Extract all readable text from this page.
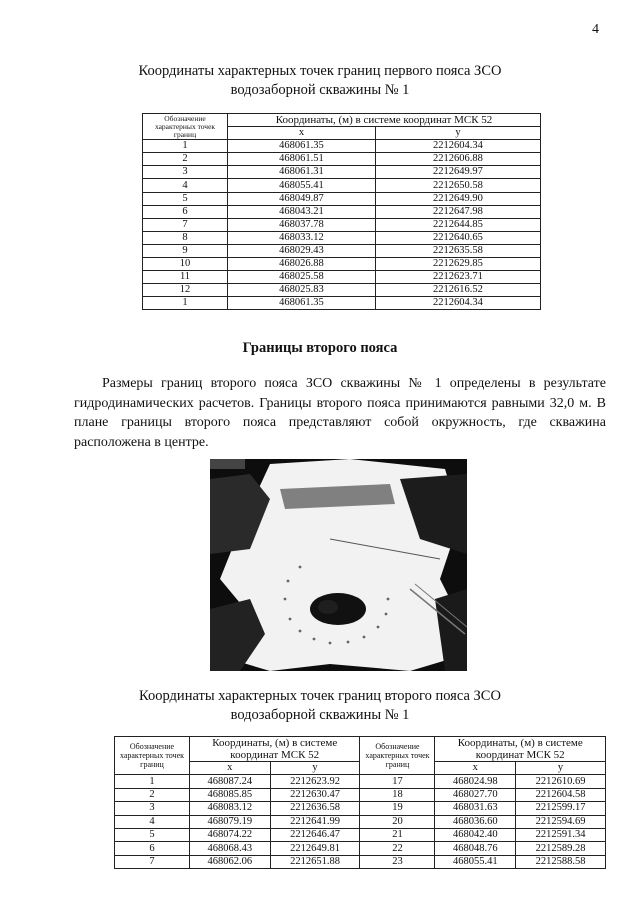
4
Координаты характерных точек границ первого пояса ЗСО
водозаборной скважины № 1
Обозначение характерных точек границ	Координаты, (м) в системе координат МСК 52	
	х	у
1	468061.35	2212604.34
2	468061.51	2212606.88
3	468061.31	2212649.97
4	468055.41	2212650.58
5	468049.87	2212649.90
6	468043.21	2212647.98
7	468037.78	2212644.85
8	468033.12	2212640.65
9	468029.43	2212635.58
10	468026.88	2212629.85
11	468025.58	2212623.71
12	468025.83	2212616.52
1	468061.35	2212604.34
Границы второго пояса
Размеры границ второго пояса ЗСО скважины № 1 определены в результате гидродинамических расчетов. Границы второго пояса принимаются равными 32,0 м. В плане границы второго пояса представляют собой окружность, где скважина расположена в центре.
Координаты характерных точек границ второго пояса ЗСО
водозаборной скважины № 1
Обозначение характерных точек границ	Координаты, (м) в системе координат МСК 52		Обозначение характерных точек границ	Координаты, (м) в системе координат МСК 52	
	х	у		х	у
1	468087.24	2212623.92	17	468024.98	2212610.69
2	468085.85	2212630.47	18	468027.70	2212604.58
3	468083.12	2212636.58	19	468031.63	2212599.17
4	468079.19	2212641.99	20	468036.60	2212594.69
5	468074.22	2212646.47	21	468042.40	2212591.34
6	468068.43	2212649.81	22	468048.76	2212589.28
7	468062.06	2212651.88	23	468055.41	2212588.58
